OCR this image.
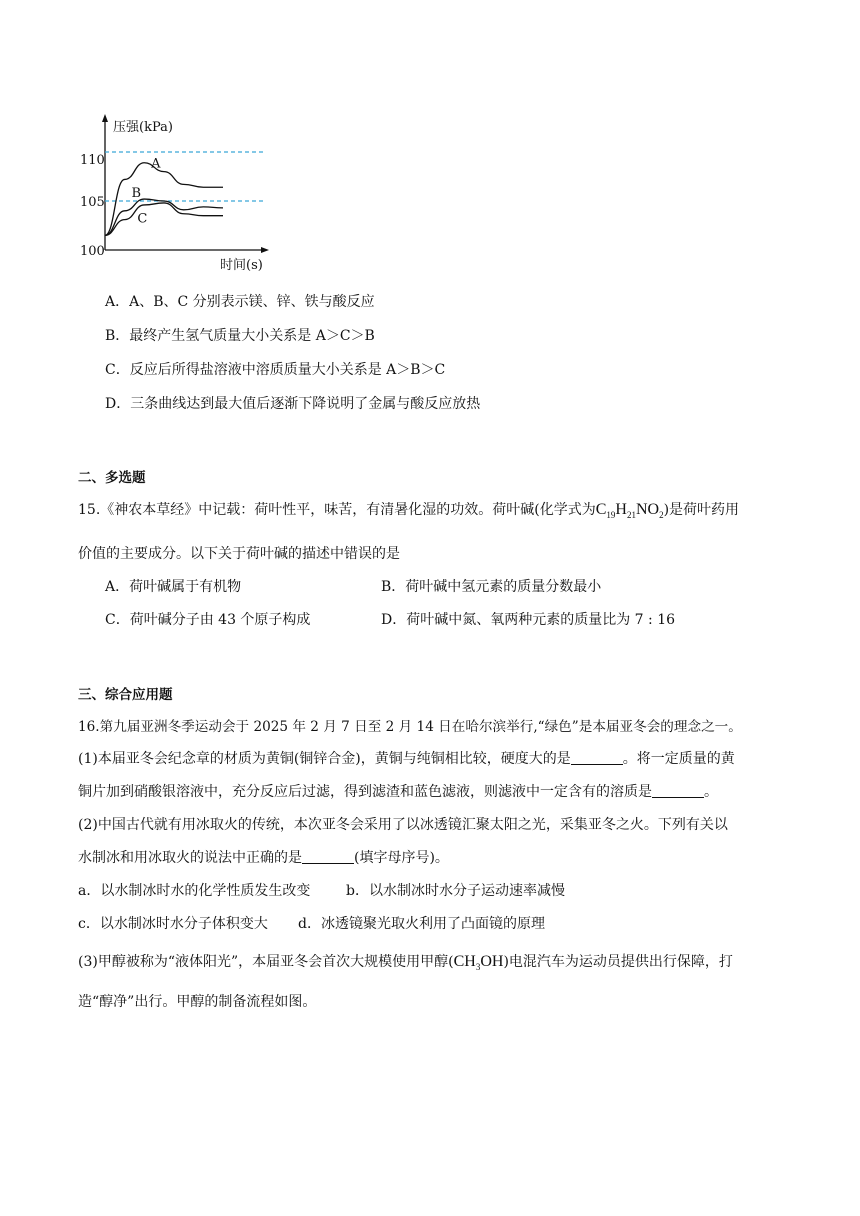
压强(kPa)
时间(s)
110
105
100
A
B
C
A．A、B、C 分别表示镁、锌、铁与酸反应
B．最终产生氢气质量大小关系是 A＞C＞B
C．反应后所得盐溶液中溶质质量大小关系是 A＞B＞C
D．三条曲线达到最大值后逐渐下降说明了金属与酸反应放热
二、多选题
15.《神农本草经》中记载：荷叶性平，味苦，有清暑化湿的功效。荷叶碱(化学式为$C_{19}H_{21}NO_2$)是荷叶药用
价值的主要成分。以下关于荷叶碱的描述中错误的是
A．荷叶碱属于有机物	B．荷叶碱中氢元素的质量分数最小
C．荷叶碱分子由 43 个原子构成	D．荷叶碱中氮、氧两种元素的质量比为 7 : 16
三、综合应用题
16.第九届亚洲冬季运动会于 2025 年 2 月 7 日至 2 月 14 日在哈尔滨举行,“绿色”是本届亚冬会的理念之一。
(1)本届亚冬会纪念章的材质为黄铜(铜锌合金)，黄铜与纯铜相比较，硬度大的是	。将一定质量的黄
铜片加到硝酸银溶液中，充分反应后过滤，得到滤渣和蓝色滤液，则滤液中一定含有的溶质是	。
(2)中国古代就有用冰取火的传统，本次亚冬会采用了以冰透镜汇聚太阳之光，采集亚冬之火。下列有关以
水制冰和用冰取火的说法中正确的是	(填字母序号)。
a．以水制冰时水的化学性质发生改变	b．以水制冰时水分子运动速率减慢
c．以水制冰时水分子体积变大 d．冰透镜聚光取火利用了凸面镜的原理
(3)甲醇被称为“液体阳光”，本届亚冬会首次大规模使用甲醇$(CH_3OH)$电混汽车为运动员提供出行保障，打
造“醇净”出行。甲醇的制备流程如图。
